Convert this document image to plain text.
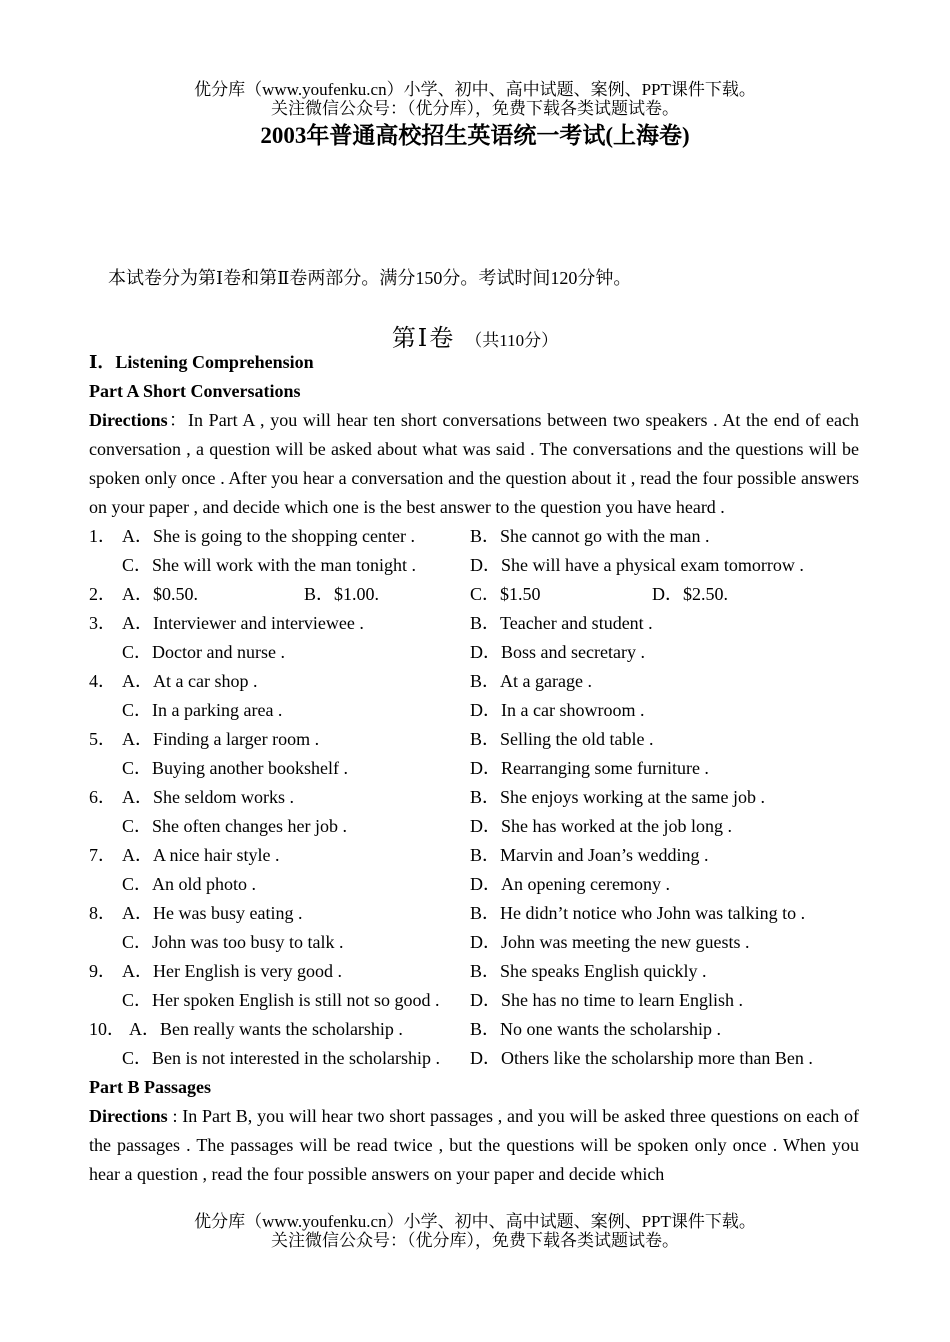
优分库（www.youfenku.cn）小学、初中、高中试题、案例、PPT课件下载。
关注微信公众号：（优分库），免费下载各类试题试卷。
2003年普通高校招生英语统一考试(上海卷)
本试卷分为第Ⅰ卷和第Ⅱ卷两部分。满分150分。考试时间120分钟。
第Ⅰ卷 （共110分）
Ⅰ．Listening Comprehension
Part A Short Conversations
Directions：In Part A , you will hear ten short conversations between two speakers . At the end of each conversation , a question will be asked about what was said . The conversations and the questions will be spoken only once . After you hear a conversation and the question about it , read the four possible answers on your paper , and decide which one is the best answer to the question you have heard .
1． A．She is going to the shopping center .	B．She cannot go with the man .
C．She will work with the man tonight .	D．She will have a physical exam tomorrow .
2． A．$0.50.	B．$1.00.	C．$1.50	D．$2.50.
3． A．Interviewer and interviewee .	B．Teacher and student .
C．Doctor and nurse .	D．Boss and secretary .
4． A．At a car shop .	B．At a garage .
C．In a parking area .	D．In a car showroom .
5． A．Finding a larger room .	B．Selling the old table .
C．Buying another bookshelf .	D．Rearranging some furniture .
6． A．She seldom works .	B．She enjoys working at the same job .
C．She often changes her job .	D．She has worked at the job long .
7． A．A nice hair style .	B．Marvin and Joan’s wedding .
C．An old photo .	D．An opening ceremony .
8． A．He was busy eating .	B．He didn’t notice who John was talking to .
C．John was too busy to talk .	D．John was meeting the new guests .
9． A．Her English is very good .	B．She speaks English quickly .
C．Her spoken English is still not so good . D．She has no time to learn English .
10． A．Ben really wants the scholarship .	B．No one wants the scholarship .
C．Ben is not interested in the scholarship . D．Others like the scholarship more than Ben .
Part B Passages
Directions : In Part B, you will hear two short passages , and you will be asked three questions on each of the passages . The passages will be read twice , but the questions will be spoken only once . When you hear a question , read the four possible answers on your paper and decide which
优分库（www.youfenku.cn）小学、初中、高中试题、案例、PPT课件下载。
关注微信公众号：（优分库），免费下载各类试题试卷。
